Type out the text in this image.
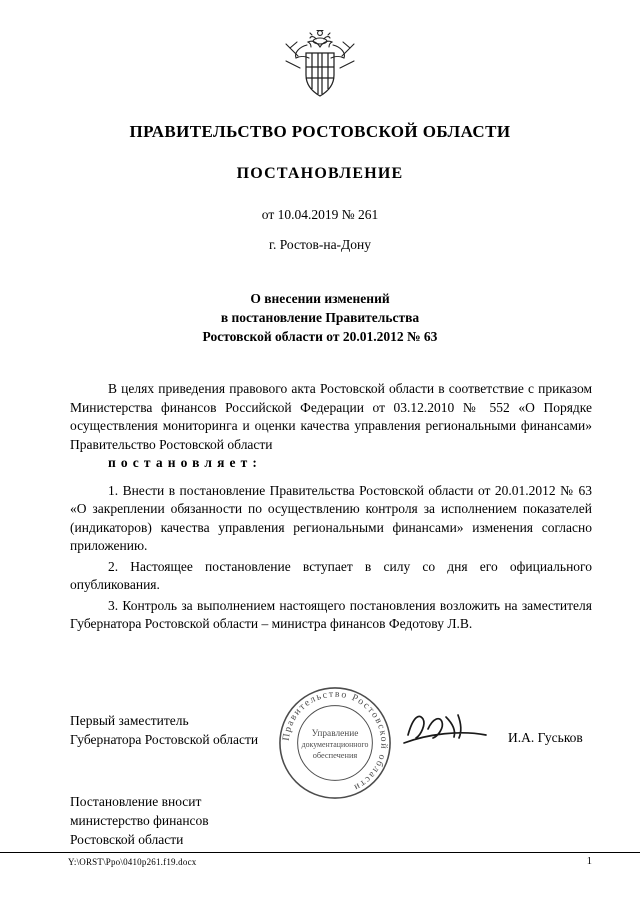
ПРАВИТЕЛЬСТВО РОСТОВСКОЙ ОБЛАСТИ
ПОСТАНОВЛЕНИЕ
от 10.04.2019 № 261
г. Ростов-на-Дону
О внесении изменений
в постановление Правительства
Ростовской области от 20.01.2012 № 63

В целях приведения правового акта Ростовской области в соответствие с приказом Министерства финансов Российской Федерации от 03.12.2010 № 552 «О Порядке осуществления мониторинга и оценки качества управления региональными финансами» Правительство Ростовской области
постановляет:

1. Внести в постановление Правительства Ростовской области от 20.01.2012 № 63 «О закреплении обязанности по осуществлению контроля за исполнением показателей (индикаторов) качества управления региональными финансами» изменения согласно приложению.

2. Настоящее постановление вступает в силу со дня его официального опубликования.

3. Контроль за выполнением настоящего постановления возложить на заместителя Губернатора Ростовской области – министра финансов Федотову Л.В.

Первый заместитель
Губернатора Ростовской области	И.А. Гуськов
Правительство Ростовской области
Управление
документационного
обеспечения
Постановление вносит
министерство финансов
Ростовской области
Y:\ORST\Ppo\0410p261.f19.docx	1
